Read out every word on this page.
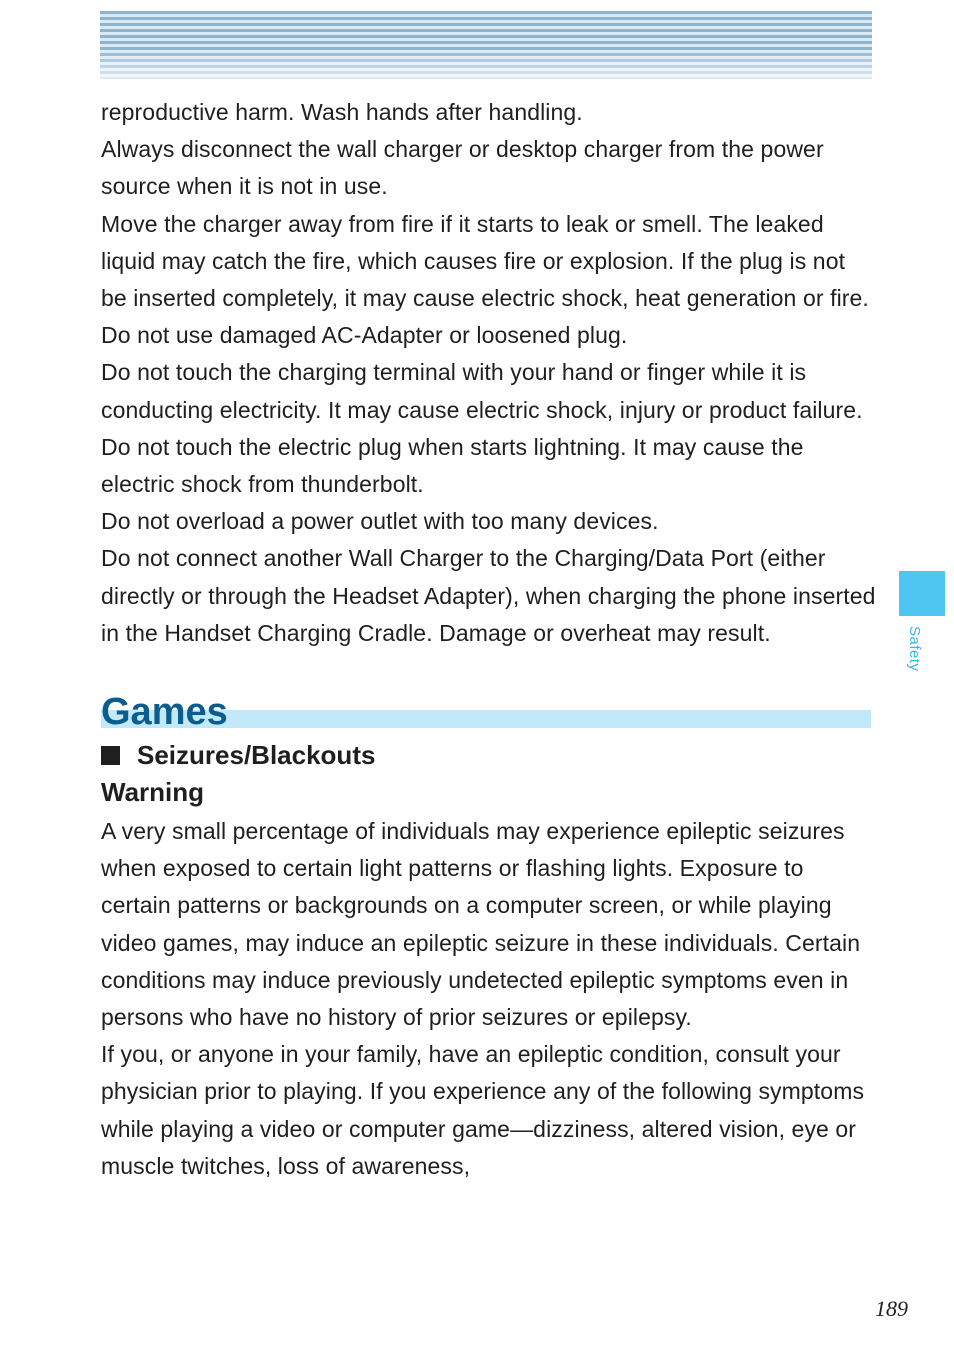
reproductive harm. Wash hands after handling.

Always disconnect the wall charger or desktop charger from the power source when it is not in use.

Move the charger away from fire if it starts to leak or smell. The leaked liquid may catch the fire, which causes fire or explosion. If the plug is not be inserted completely, it may cause electric shock, heat generation or fire. Do not use damaged AC-Adapter or loosened plug.

Do not touch the charging terminal with your hand or finger while it is conducting electricity. It may cause electric shock, injury or product failure.

Do not touch the electric plug when starts lightning. It may cause the electric shock from thunderbolt.

Do not overload a power outlet with too many devices.

Do not connect another Wall Charger to the Charging/Data Port (either directly or through the Headset Adapter), when charging the phone inserted in the Handset Charging Cradle. Damage or overheat may result.

Games
Seizures/Blackouts
Warning

A very small percentage of individuals may experience epileptic seizures when exposed to certain light patterns or flashing lights. Exposure to certain patterns or backgrounds on a computer screen, or while playing video games, may induce an epileptic seizure in these individuals. Certain conditions may induce previously undetected epileptic symptoms even in persons who have no history of prior seizures or epilepsy.

If you, or anyone in your family, have an epileptic condition, consult your physician prior to playing. If you experience any of the following symptoms while playing a video or computer game—dizziness, altered vision, eye or muscle twitches, loss of awareness,

Safety
189
